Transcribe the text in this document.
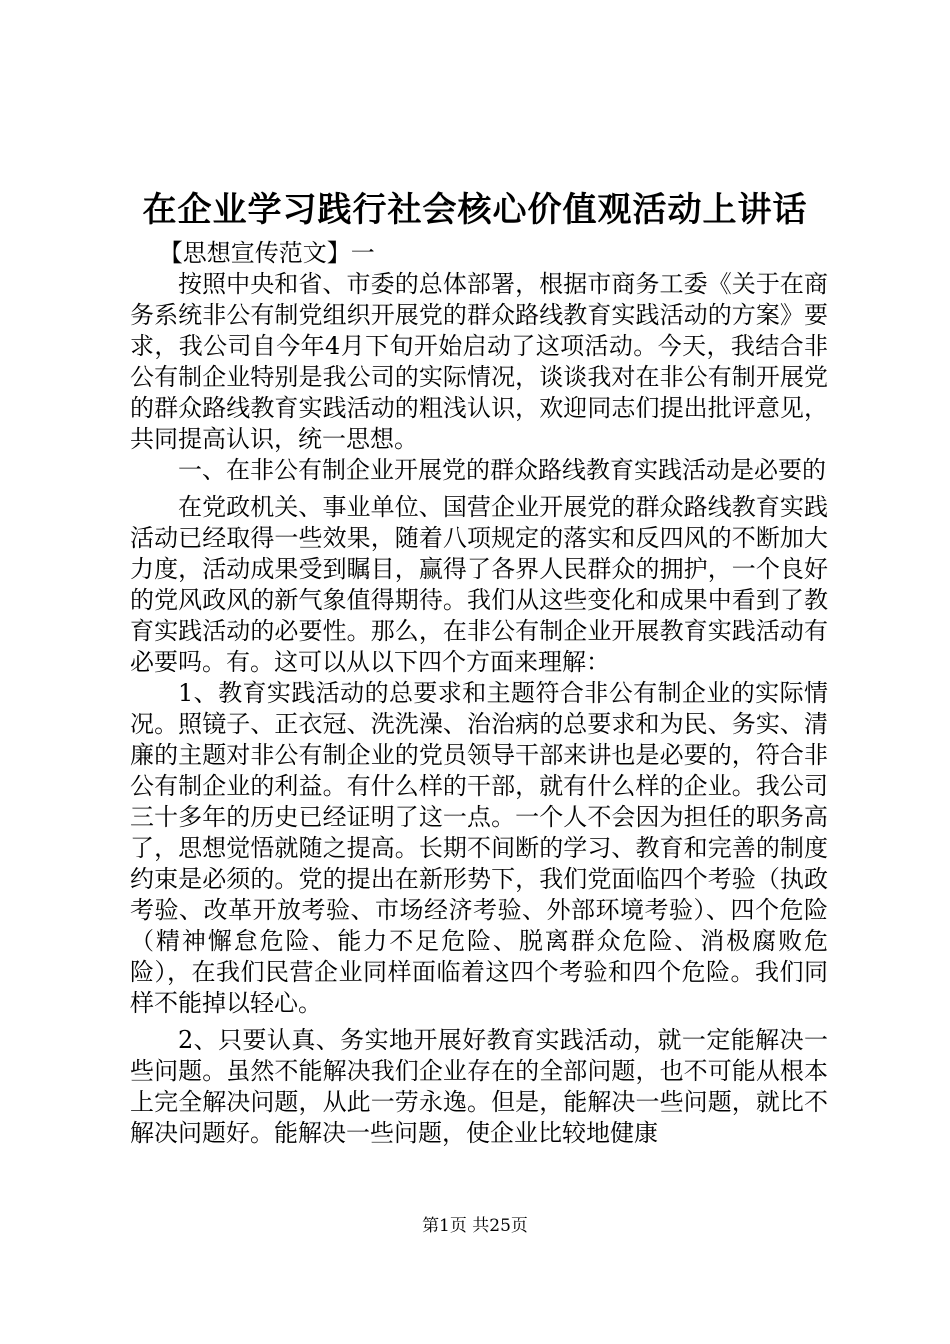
在企业学习践行社会核心价值观活动上讲话

【思想宣传范文】一

按照中央和省、市委的总体部署，根据市商务工委《关于在商务系统非公有制党组织开展党的群众路线教育实践活动的方案》要求，我公司自今年4月下旬开始启动了这项活动。今天，我结合非公有制企业特别是我公司的实际情况，谈谈我对在非公有制开展党的群众路线教育实践活动的粗浅认识，欢迎同志们提出批评意见，共同提高认识，统一思想。

一、在非公有制企业开展党的群众路线教育实践活动是必要的

在党政机关、事业单位、国营企业开展党的群众路线教育实践活动已经取得一些效果，随着八项规定的落实和反四风的不断加大力度，活动成果受到瞩目，赢得了各界人民群众的拥护，一个良好的党风政风的新气象值得期待。我们从这些变化和成果中看到了教育实践活动的必要性。那么，在非公有制企业开展教育实践活动有必要吗。有。这可以从以下四个方面来理解：

1、教育实践活动的总要求和主题符合非公有制企业的实际情况。照镜子、正衣冠、洗洗澡、治治病的总要求和为民、务实、清廉的主题对非公有制企业的党员领导干部来讲也是必要的，符合非公有制企业的利益。有什么样的干部，就有什么样的企业。我公司三十多年的历史已经证明了这一点。一个人不会因为担任的职务高了，思想觉悟就随之提高。长期不间断的学习、教育和完善的制度约束是必须的。党的提出在新形势下，我们党面临四个考验（执政考验、改革开放考验、市场经济考验、外部环境考验）、四个危险（精神懈怠危险、能力不足危险、脱离群众危险、消极腐败危险），在我们民营企业同样面临着这四个考验和四个危险。我们同样不能掉以轻心。

2、只要认真、务实地开展好教育实践活动，就一定能解决一些问题。虽然不能解决我们企业存在的全部问题，也不可能从根本上完全解决问题，从此一劳永逸。但是，能解决一些问题，就比不解决问题好。能解决一些问题，使企业比较地健康

第1页 共25页
